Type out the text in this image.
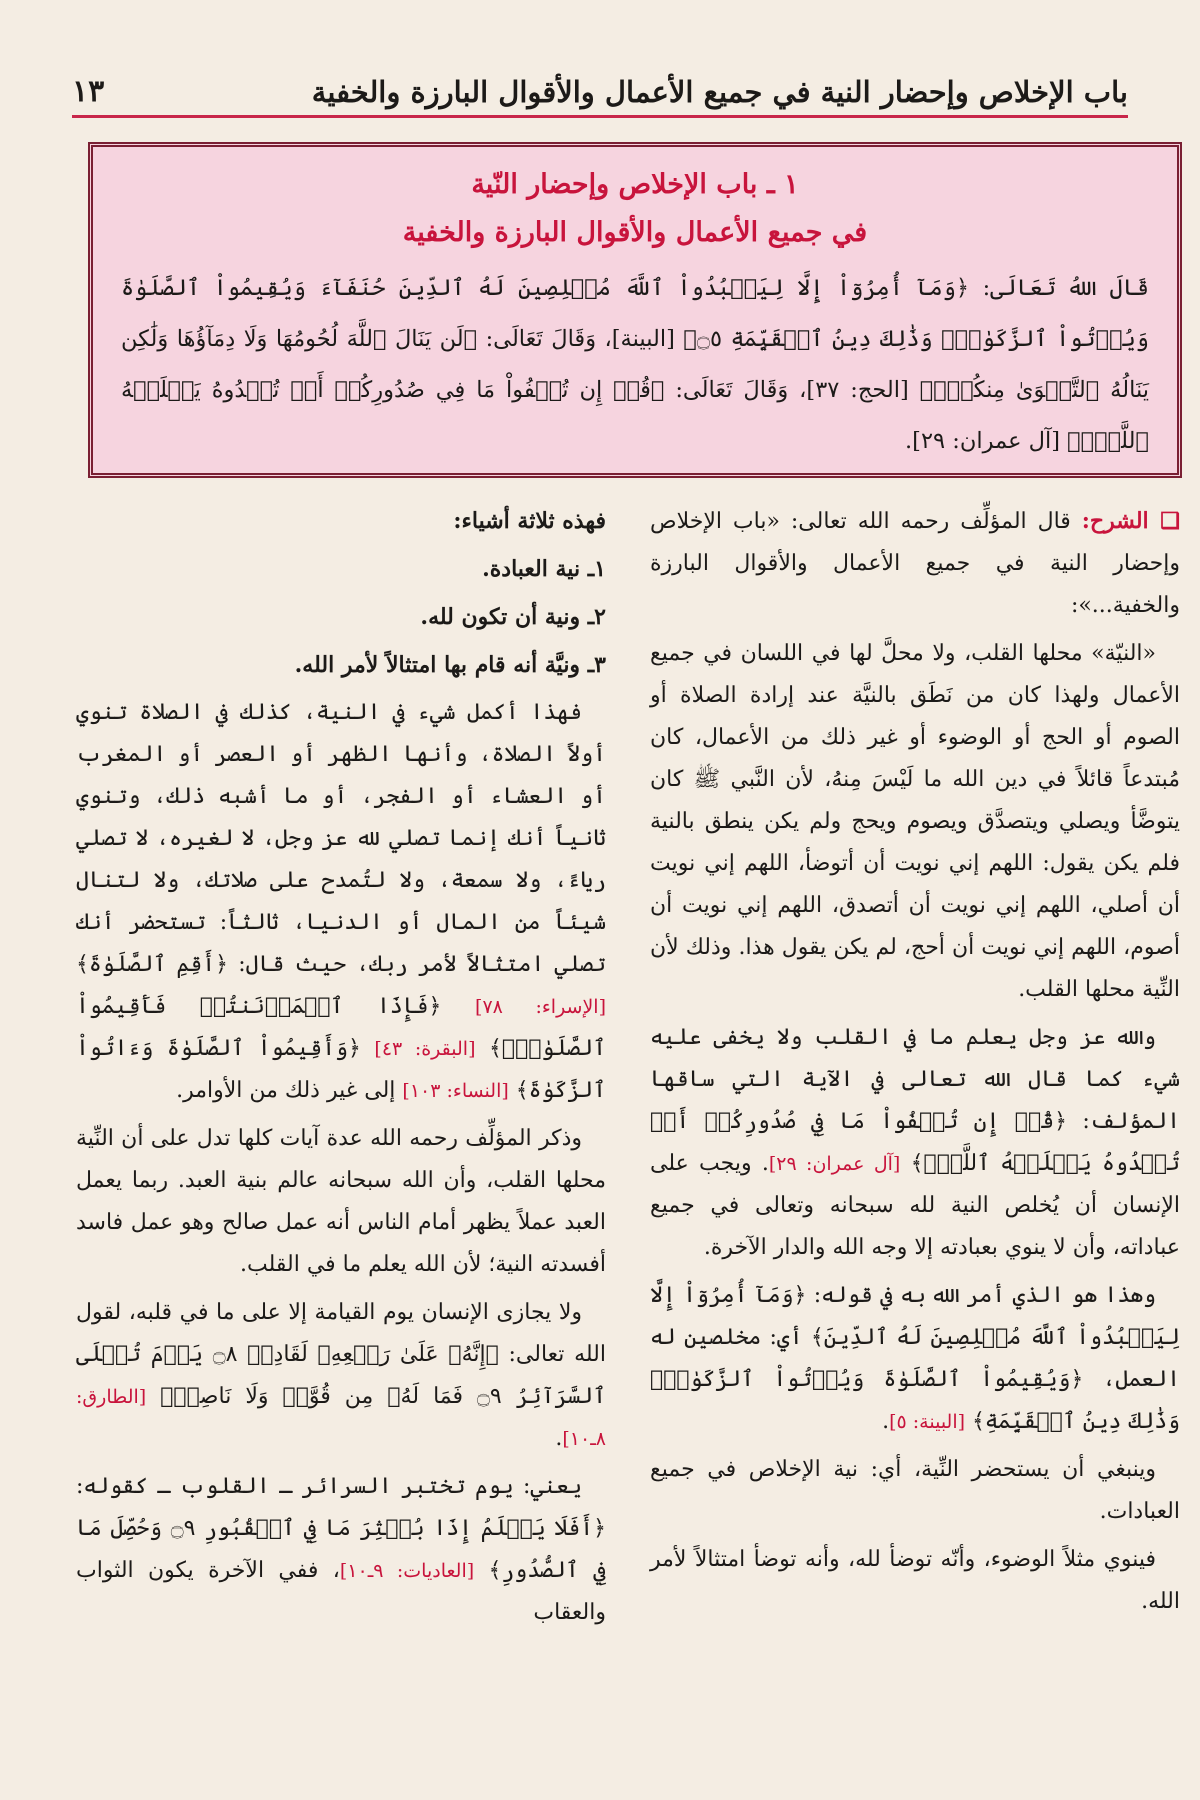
باب الإخلاص وإحضار النية في جميع الأعمال والأقوال البارزة والخفية
١٣

١ ـ باب الإخلاص وإحضار النّية

في جميع الأعمال والأقوال البارزة والخفية

قَالَ اللهُ تَعَالَى: ﴿وَمَآ أُمِرُوٓاْ إِلَّا لِيَعۡبُدُواْ ٱللَّهَ مُخۡلِصِينَ لَهُ ٱلدِّينَ حُنَفَآءَ وَيُقِيمُواْ ٱلصَّلَوٰةَ وَيُؤۡتُواْ ٱلزَّكَوٰةَۚ وَذَٰلِكَ دِينُ ٱلۡقَيِّمَةِ ۝٥﴾ [البينة]، وَقَالَ تَعَالَى: ﴿لَن يَنَالَ ٱللَّهَ لُحُومُهَا وَلَا دِمَآؤُهَا وَلَٰكِن يَنَالُهُ ٱلتَّقۡوَىٰ مِنكُمۡۚ﴾ [الحج: ٣٧]، وَقَالَ تَعَالَى: ﴿قُلۡ إِن تُخۡفُواْ مَا فِي صُدُورِكُمۡ أَوۡ تُبۡدُوهُ يَعۡلَمۡهُ ٱللَّهُۗ﴾ [آل عمران: ٢٩].

❑ الشرح: قال المؤلِّف رحمه الله تعالى: «باب الإخلاص وإحضار النية في جميع الأعمال والأقوال البارزة والخفية...»:

«النيّة» محلها القلب، ولا محلَّ لها في اللسان في جميع الأعمال ولهذا كان من نَطَق بالنيَّة عند إرادة الصلاة أو الصوم أو الحج أو الوضوء أو غير ذلك من الأعمال، كان مُبتدعاً قائلاً في دين الله ما لَيْسَ مِنهُ، لأن النَّبي ﷺ كان يتوضَّأ ويصلي ويتصدَّق ويصوم ويحج ولم يكن ينطق بالنية فلم يكن يقول: اللهم إني نويت أن أتوضأ، اللهم إني نويت أن أصلي، اللهم إني نويت أن أتصدق، اللهم إني نويت أن أصوم، اللهم إني نويت أن أحج، لم يكن يقول هذا. وذلك لأن النِّية محلها القلب.

والله عز وجل يعلم ما في القلب ولا يخفى عليه شيء كما قال الله تعالى في الآية التي ساقها المؤلف: ﴿قُلۡ إِن تُخۡفُواْ مَا فِي صُدُورِكُمۡ أَوۡ تُبۡدُوهُ يَعۡلَمۡهُ ٱللَّهُۗ﴾ [آل عمران: ٢٩]. ويجب على الإنسان أن يُخلص النية لله سبحانه وتعالى في جميع عباداته، وأن لا ينوي بعبادته إلا وجه الله والدار الآخرة.

وهذا هو الذي أمر الله به في قوله: ﴿وَمَآ أُمِرُوٓاْ إِلَّا لِيَعۡبُدُواْ ٱللَّهَ مُخۡلِصِينَ لَهُ ٱلدِّينَ﴾ أي: مخلصين له العمل، ﴿وَيُقِيمُواْ ٱلصَّلَوٰةَ وَيُؤۡتُواْ ٱلزَّكَوٰةَۚ وَذَٰلِكَ دِينُ ٱلۡقَيِّمَةِ﴾ [البينة: ٥].

وينبغي أن يستحضر النِّية، أي: نية الإخلاص في جميع العبادات.

فينوي مثلاً الوضوء، وأنّه توضأ لله، وأنه توضأ امتثالاً لأمر الله.

فهذه ثلاثة أشياء:

١ـ نية العبادة.

٢ـ ونية أن تكون لله.

٣ـ ونيَّة أنه قام بها امتثالاً لأمر الله.

فهذا أكمل شيء في النية، كذلك في الصلاة تنوي أولاً الصلاة، وأنها الظهر أو العصر أو المغرب أو العشاء أو الفجر، أو ما أشبه ذلك، وتنوي ثانياً أنك إنما تصلي لله عز وجل، لا لغيره، لا تصلي رياءً، ولا سمعة، ولا لتُمدح على صلاتك، ولا لتنال شيئاً من المال أو الدنيا، ثالثاً: تستحضر أنك تصلي امتثالاً لأمر ربك، حيث قال: ﴿أَقِمِ ٱلصَّلَوٰةَ﴾ [الإسراء: ٧٨] ﴿فَإِذَا ٱطۡمَأۡنَنتُمۡ فَأَقِيمُواْ ٱلصَّلَوٰةَۚ﴾ [البقرة: ٤٣] ﴿وَأَقِيمُواْ ٱلصَّلَوٰةَ وَءَاتُواْ ٱلزَّكَوٰةَ﴾ [النساء: ١٠٣] إلى غير ذلك من الأوامر.

وذكر المؤلِّف رحمه الله عدة آيات كلها تدل على أن النِّية محلها القلب، وأن الله سبحانه عالم بنية العبد. ربما يعمل العبد عملاً يظهر أمام الناس أنه عمل صالح وهو عمل فاسد أفسدته النية؛ لأن الله يعلم ما في القلب.

ولا يجازى الإنسان يوم القيامة إلا على ما في قلبه، لقول الله تعالى: ﴿إِنَّهُۥ عَلَىٰ رَجۡعِهِۦ لَقَادِرٞ ۝٨ يَوۡمَ تُبۡلَى ٱلسَّرَآئِرُ ۝٩ فَمَا لَهُۥ مِن قُوَّةٖ وَلَا نَاصِرٖ﴾ [الطارق: ٨ـ١٠].

يعني: يوم تختبر السرائر ـ القلوب ـ كقوله: ﴿أَفَلَا يَعۡلَمُ إِذَا بُعۡثِرَ مَا فِي ٱلۡقُبُورِ ۝٩ وَحُصِّلَ مَا فِي ٱلصُّدُورِ﴾ [العاديات: ٩ـ١٠]، ففي الآخرة يكون الثواب والعقاب
